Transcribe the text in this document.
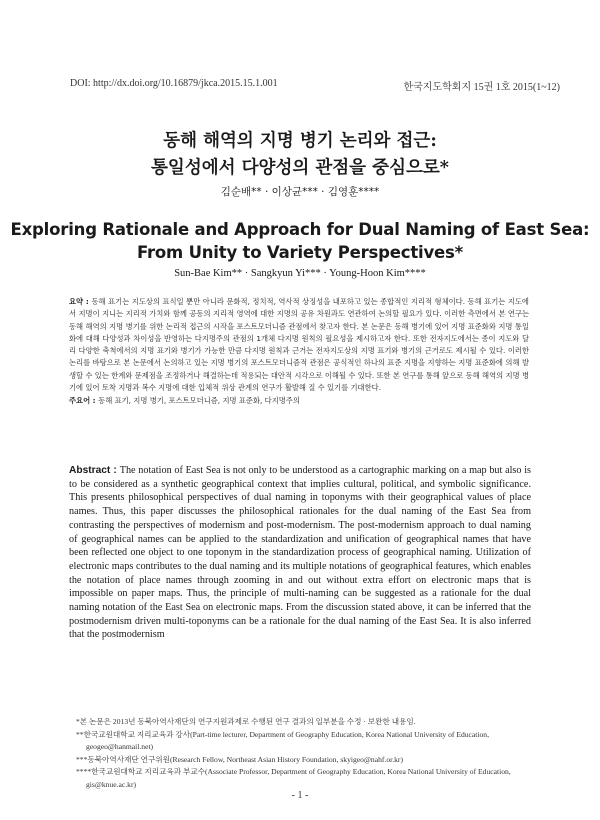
DOI: http://dx.doi.org/10.16879/jkca.2015.15.1.001	한국지도학회지 15권 1호 2015(1~12)
동해 해역의 지명 병기 논리와 접근:
통일성에서 다양성의 관점을 중심으로*
김순배** · 이상균*** · 김영훈****
Exploring Rationale and Approach for Dual Naming of East Sea:
From Unity to Variety Perspectives*
Sun-Bae Kim** · Sangkyun Yi*** · Young-Hoon Kim****
요약 : 동해 표기는 지도상의 표식일 뿐만 아니라 문화적, 정치적, 역사적 상징성을 내포하고 있는 종합적인 지리적 형체이다. 동해 표기는 지도에서 지명이 지니는 지리적 가치와 함께 공동의 지리적 영역에 대한 지명의 공유 차원과도 연관하여 논의할 필요가 있다. 이러한 측면에서 본 연구는 동해 해역의 지명 병기를 위한 논리적 접근의 시작을 포스트모더니즘 관점에서 찾고자 한다. 본 논문은 동해 병기에 있어 지명 표준화와 지명 통일화에 대해 다양성과 차이성을 반영하는 다지명주의 관점의 1개체 다지명 원칙의 필요성을 제시하고자 한다. 또한 전자지도에서는 종이 지도와 달리 다양한 축척에서의 지명 표기와 병기가 가능한 만큼 다지명 원칙과 근거는 전자지도상의 지명 표기와 병기의 근거로도 제시될 수 있다. 이러한 논리를 바탕으로 본 논문에서 논의하고 있는 지명 병기의 포스트모더니즘적 관점은 공식적인 하나의 표준 지명을 지향하는 지명 표준화에 의해 발생할 수 있는 한계와 문제점을 조정하거나 해결하는데 적용되는 대안적 시각으로 이해될 수 있다. 또한 본 연구를 통해 앞으로 동해 해역의 지명 병기에 있어 토착 지명과 복수 지명에 대한 입체적 위상 관계의 연구가 활발해 질 수 있기를 기대한다.
주요어 : 동해 표기, 지명 병기, 포스트모더니즘, 지명 표준화, 다지명주의
Abstract : The notation of East Sea is not only to be understood as a cartographic marking on a map but also is to be considered as a synthetic geographical context that implies cultural, political, and symbolic significance. This presents philosophical perspectives of dual naming in toponyms with their geographical values of place names. Thus, this paper discusses the philosophical rationales for the dual naming of the East Sea from contrasting the perspectives of modernism and post-modernism. The post-modernism approach to dual naming of geographical names can be applied to the standardization and unification of geographical names that have been reflected one object to one toponym in the standardization process of geographical naming. Utilization of electronic maps contributes to the dual naming and its multiple notations of geographical features, which enables the notation of place names through zooming in and out without extra effort on electronic maps that is impossible on paper maps. Thus, the principle of multi-naming can be suggested as a rationale for the dual naming notation of the East Sea on electronic maps. From the discussion stated above, it can be inferred that the postmodernism driven multi-toponyms can be a rationale for the dual naming of the East Sea. It is also inferred that the postmodernism
*본 논문은 2013년 동북아역사재단의 연구지원과제로 수행된 연구 결과의 일부분을 수정 · 보완한 내용임.
**한국교원대학교 지리교육과 강사(Part-time lecturer, Department of Geography Education, Korea National University of Education, geogeo@hanmail.net)
***동북아역사재단 연구위원(Research Fellow, Northeast Asian History Foundation, skyigeo@nahf.or.kr)
****한국교원대학교 지리교육과 부교수(Associate Professor, Department of Geography Education, Korea National University of Education, gis@knue.ac.kr)
- 1 -
